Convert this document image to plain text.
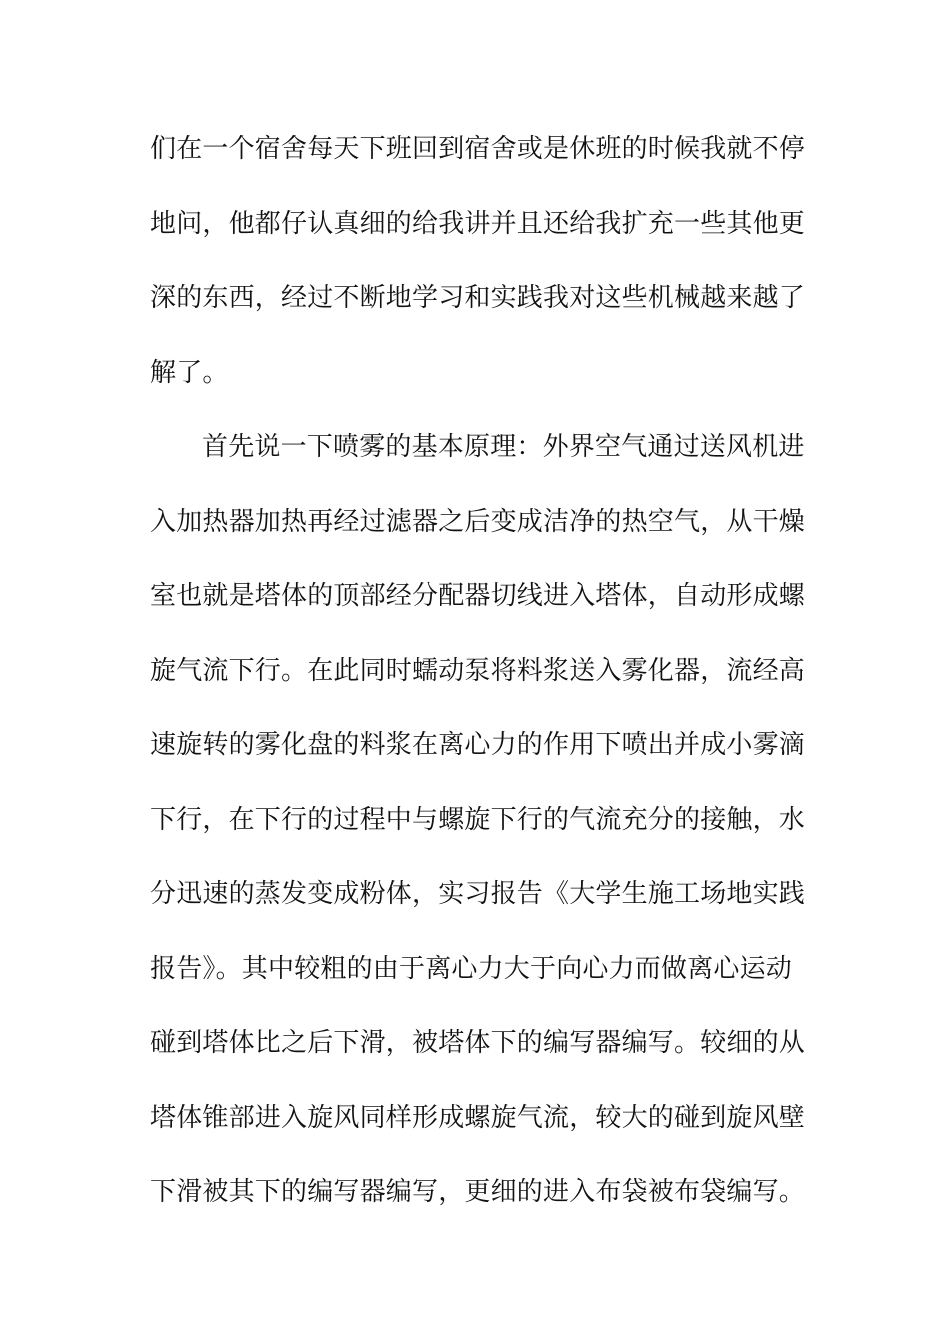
们在一个宿舍每天下班回到宿舍或是休班的时候我就不停
地问，他都仔认真细的给我讲并且还给我扩充一些其他更
深的东西，经过不断地学习和实践我对这些机械越来越了
解了。
首先说一下喷雾的基本原理：外界空气通过送风机进
入加热器加热再经过滤器之后变成洁净的热空气，从干燥
室也就是塔体的顶部经分配器切线进入塔体，自动形成螺
旋气流下行。在此同时蠕动泵将料浆送入雾化器，流经高
速旋转的雾化盘的料浆在离心力的作用下喷出并成小雾滴
下行，在下行的过程中与螺旋下行的气流充分的接触，水
分迅速的蒸发变成粉体，实习报告《大学生施工场地实践
报告》。其中较粗的由于离心力大于向心力而做离心运动
碰到塔体比之后下滑，被塔体下的编写器编写。较细的从
塔体锥部进入旋风同样形成螺旋气流，较大的碰到旋风壁
下滑被其下的编写器编写，更细的进入布袋被布袋编写。
